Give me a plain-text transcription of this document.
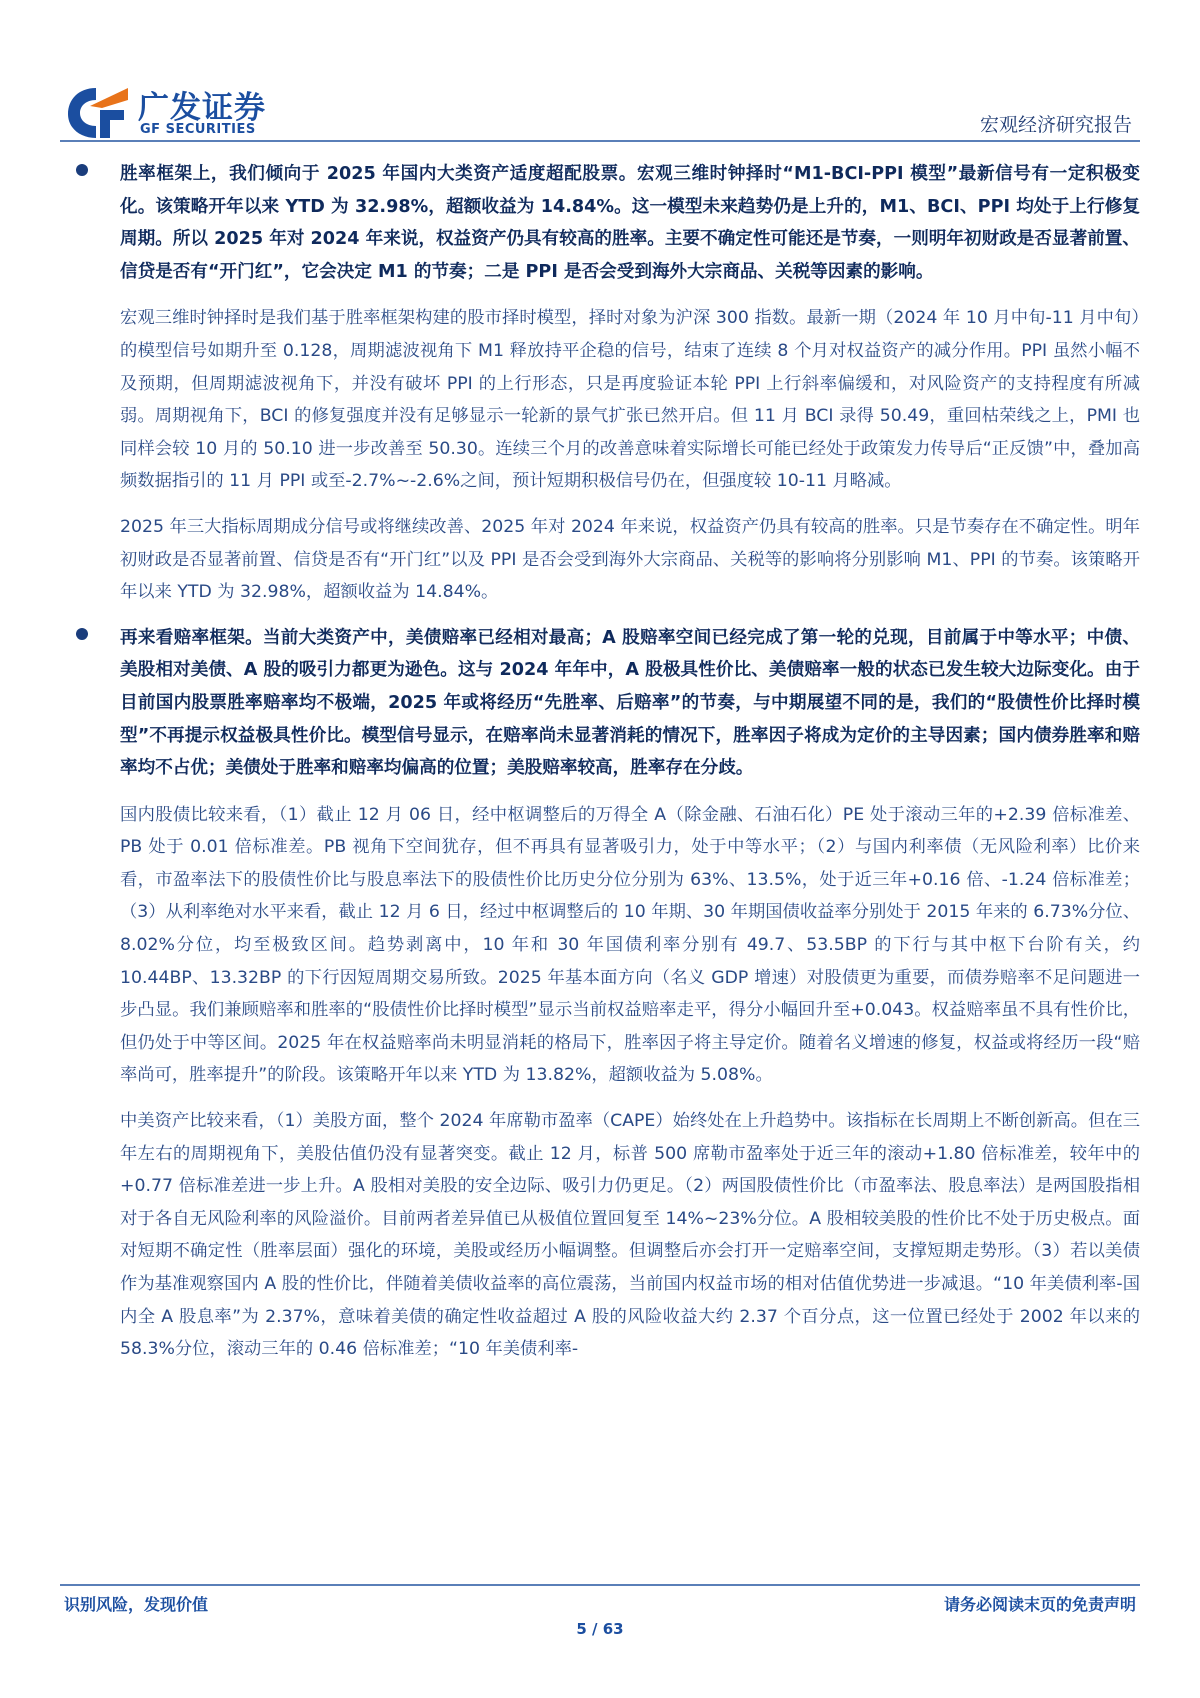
广发证券
GF SECURITIES	宏观经济研究报告
胜率框架上，我们倾向于 2025 年国内大类资产适度超配股票。宏观三维时钟择时“M1-BCI-PPI 模型”最新信号有一定积极变化。该策略开年以来 YTD 为 32.98%，超额收益为 14.84%。这一模型未来趋势仍是上升的，M1、BCI、PPI 均处于上行修复周期。所以 2025 年对 2024 年来说，权益资产仍具有较高的胜率。主要不确定性可能还是节奏，一则明年初财政是否显著前置、信贷是否有“开门红”，它会决定 M1 的节奏；二是 PPI 是否会受到海外大宗商品、关税等因素的影响。
宏观三维时钟择时是我们基于胜率框架构建的股市择时模型，择时对象为沪深 300 指数。最新一期（2024 年 10 月中旬-11 月中旬）的模型信号如期升至 0.128，周期滤波视角下 M1 释放持平企稳的信号，结束了连续 8 个月对权益资产的减分作用。PPI 虽然小幅不及预期，但周期滤波视角下，并没有破坏 PPI 的上行形态，只是再度验证本轮 PPI 上行斜率偏缓和，对风险资产的支持程度有所减弱。周期视角下，BCI 的修复强度并没有足够显示一轮新的景气扩张已然开启。但 11 月 BCI 录得 50.49，重回枯荣线之上，PMI 也同样会较 10 月的 50.10 进一步改善至 50.30。连续三个月的改善意味着实际增长可能已经处于政策发力传导后“正反馈”中，叠加高频数据指引的 11 月 PPI 或至-2.7%~-2.6%之间，预计短期积极信号仍在，但强度较 10-11 月略减。
2025 年三大指标周期成分信号或将继续改善、2025 年对 2024 年来说，权益资产仍具有较高的胜率。只是节奏存在不确定性。明年初财政是否显著前置、信贷是否有“开门红”以及 PPI 是否会受到海外大宗商品、关税等的影响将分别影响 M1、PPI 的节奏。该策略开年以来 YTD 为 32.98%，超额收益为 14.84%。
再来看赔率框架。当前大类资产中，美债赔率已经相对最高；A 股赔率空间已经完成了第一轮的兑现，目前属于中等水平；中债、美股相对美债、A 股的吸引力都更为逊色。这与 2024 年年中，A 股极具性价比、美债赔率一般的状态已发生较大边际变化。由于目前国内股票胜率赔率均不极端，2025 年或将经历“先胜率、后赔率”的节奏，与中期展望不同的是，我们的“股债性价比择时模型”不再提示权益极具性价比。模型信号显示，在赔率尚未显著消耗的情况下，胜率因子将成为定价的主导因素；国内债券胜率和赔率均不占优；美债处于胜率和赔率均偏高的位置；美股赔率较高，胜率存在分歧。
国内股债比较来看，（1）截止 12 月 06 日，经中枢调整后的万得全 A（除金融、石油石化）PE 处于滚动三年的+2.39 倍标准差、PB 处于 0.01 倍标准差。PB 视角下空间犹存，但不再具有显著吸引力，处于中等水平；（2）与国内利率债（无风险利率）比价来看，市盈率法下的股债性价比与股息率法下的股债性价比历史分位分别为 63%、13.5%，处于近三年+0.16 倍、-1.24 倍标准差；（3）从利率绝对水平来看，截止 12 月 6 日，经过中枢调整后的 10 年期、30 年期国债收益率分别处于 2015 年来的 6.73%分位、8.02%分位，均至极致区间。趋势剥离中，10 年和 30 年国债利率分别有 49.7、53.5BP 的下行与其中枢下台阶有关，约 10.44BP、13.32BP 的下行因短周期交易所致。2025 年基本面方向（名义 GDP 增速）对股债更为重要，而债券赔率不足问题进一步凸显。我们兼顾赔率和胜率的“股债性价比择时模型”显示当前权益赔率走平，得分小幅回升至+0.043。权益赔率虽不具有性价比，但仍处于中等区间。2025 年在权益赔率尚未明显消耗的格局下，胜率因子将主导定价。随着名义增速的修复，权益或将经历一段“赔率尚可，胜率提升”的阶段。该策略开年以来 YTD 为 13.82%，超额收益为 5.08%。
中美资产比较来看，（1）美股方面，整个 2024 年席勒市盈率（CAPE）始终处在上升趋势中。该指标在长周期上不断创新高。但在三年左右的周期视角下，美股估值仍没有显著突变。截止 12 月，标普 500 席勒市盈率处于近三年的滚动+1.80 倍标准差，较年中的+0.77 倍标准差进一步上升。A 股相对美股的安全边际、吸引力仍更足。（2）两国股债性价比（市盈率法、股息率法）是两国股指相对于各自无风险利率的风险溢价。目前两者差异值已从极值位置回复至 14%~23%分位。A 股相较美股的性价比不处于历史极点。面对短期不确定性（胜率层面）强化的环境，美股或经历小幅调整。但调整后亦会打开一定赔率空间，支撑短期走势形。（3）若以美债作为基准观察国内 A 股的性价比，伴随着美债收益率的高位震荡，当前国内权益市场的相对估值优势进一步减退。“10 年美债利率-国内全 A 股息率”为 2.37%，意味着美债的确定性收益超过 A 股的风险收益大约 2.37 个百分点，这一位置已经处于 2002 年以来的 58.3%分位，滚动三年的 0.46 倍标准差；“10 年美债利率-
识别风险，发现价值	请务必阅读末页的免责声明
5 / 63
